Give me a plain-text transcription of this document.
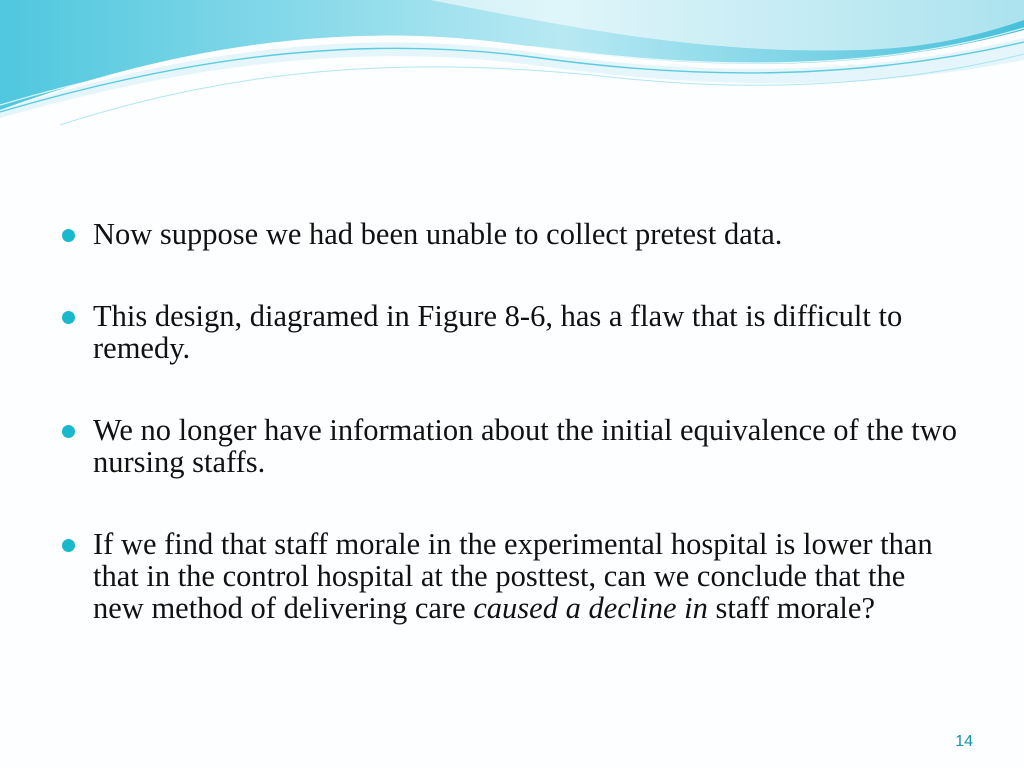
Now suppose we had been unable to collect pretest data.
This design, diagramed in Figure 8-6, has a flaw that is difficult to remedy.
We no longer have information about the initial equivalence of the two nursing staffs.
If we find that staff morale in the experimental hospital is lower than that in the control hospital at the posttest, can we conclude that the new method of delivering care caused a decline in staff morale?
14
